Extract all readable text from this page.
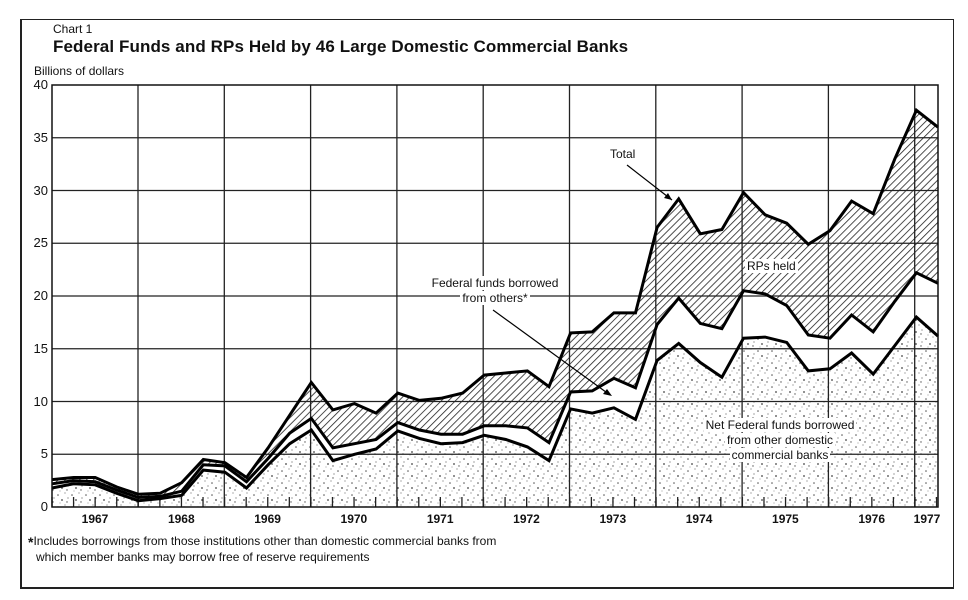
Chart 1
Federal Funds and RPs Held by 46 Large Domestic Commercial Banks
Billions of dollars
0
5
10
15
20
25
30
35
40
1967	1968	1969	1970	1971	1972	1973	1974	1975	1976	1977
Total
RPs held
Federal funds borrowed
from others*
Net Federal funds borrowed
from other domestic
commercial banks
*Includes borrowings from those institutions other than domestic commercial banks from
which member banks may borrow free of reserve requirements
